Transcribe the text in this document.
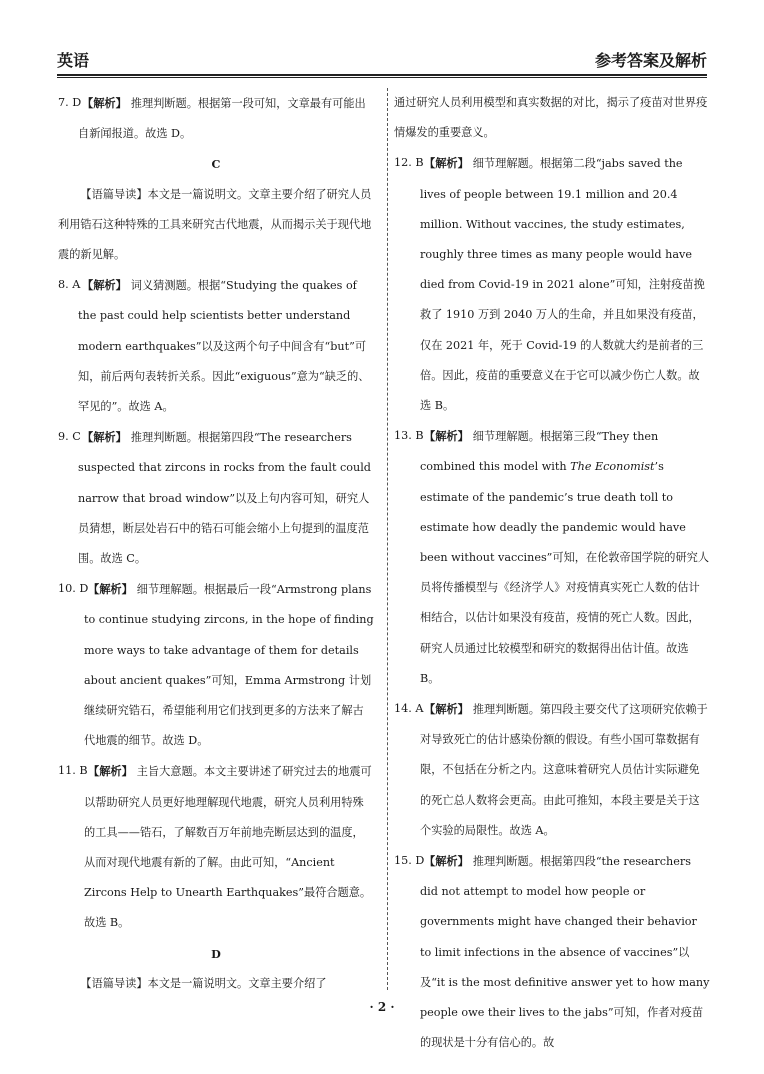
英语	参考答案及解析
7. D 【解析】 推理判断题。根据第一段可知，文章最有可能出自新闻报道。故选 D。
C
【语篇导读】本文是一篇说明文。文章主要介绍了研究人员利用锆石这种特殊的工具来研究古代地震，从而揭示关于现代地震的新见解。
8. A 【解析】 词义猜测题。根据“Studying the quakes of the past could help scientists better understand modern earthquakes”以及这两个句子中间含有“but”可知，前后两句表转折关系。因此“exiguous”意为“缺乏的、罕见的”。故选 A。
9. C 【解析】 推理判断题。根据第四段“The researchers suspected that zircons in rocks from the fault could narrow that broad window”以及上句内容可知，研究人员猜想，断层处岩石中的锆石可能会缩小上句提到的温度范围。故选 C。
10. D 【解析】 细节理解题。根据最后一段“Armstrong plans to continue studying zircons, in the hope of finding more ways to take advantage of them for details about ancient quakes”可知，Emma Armstrong 计划继续研究锆石，希望能利用它们找到更多的方法来了解古代地震的细节。故选 D。
11. B 【解析】 主旨大意题。本文主要讲述了研究过去的地震可以帮助研究人员更好地理解现代地震，研究人员利用特殊的工具——锆石，了解数百万年前地壳断层达到的温度，从而对现代地震有新的了解。由此可知，“Ancient Zircons Help to Unearth Earthquakes”最符合题意。故选 B。
D
【语篇导读】本文是一篇说明文。文章主要介绍了
通过研究人员利用模型和真实数据的对比，揭示了疫苗对世界疫情爆发的重要意义。
12. B 【解析】 细节理解题。根据第二段“jabs saved the lives of people between 19.1 million and 20.4 million. Without vaccines, the study estimates, roughly three times as many people would have died from Covid-19 in 2021 alone”可知，注射疫苗挽救了 1910 万到 2040 万人的生命，并且如果没有疫苗，仅在 2021 年，死于 Covid-19 的人数就大约是前者的三倍。因此，疫苗的重要意义在于它可以减少伤亡人数。故选 B。
13. B 【解析】 细节理解题。根据第三段“They then combined this model with The Economist’s estimate of the pandemic’s true death toll to estimate how deadly the pandemic would have been without vaccines”可知，在伦敦帝国学院的研究人员将传播模型与《经济学人》对疫情真实死亡人数的估计相结合，以估计如果没有疫苗，疫情的死亡人数。因此，研究人员通过比较模型和研究的数据得出估计值。故选 B。
14. A 【解析】 推理判断题。第四段主要交代了这项研究依赖于对导致死亡的估计感染份额的假设。有些小国可靠数据有限，不包括在分析之内。这意味着研究人员估计实际避免的死亡总人数将会更高。由此可推知，本段主要是关于这个实验的局限性。故选 A。
15. D 【解析】 推理判断题。根据第四段“the researchers did not attempt to model how people or governments might have changed their behavior to limit infections in the absence of vaccines”以及“it is the most definitive answer yet to how many people owe their lives to the jabs”可知，作者对疫苗的现状是十分有信心的。故
· 2 ·
